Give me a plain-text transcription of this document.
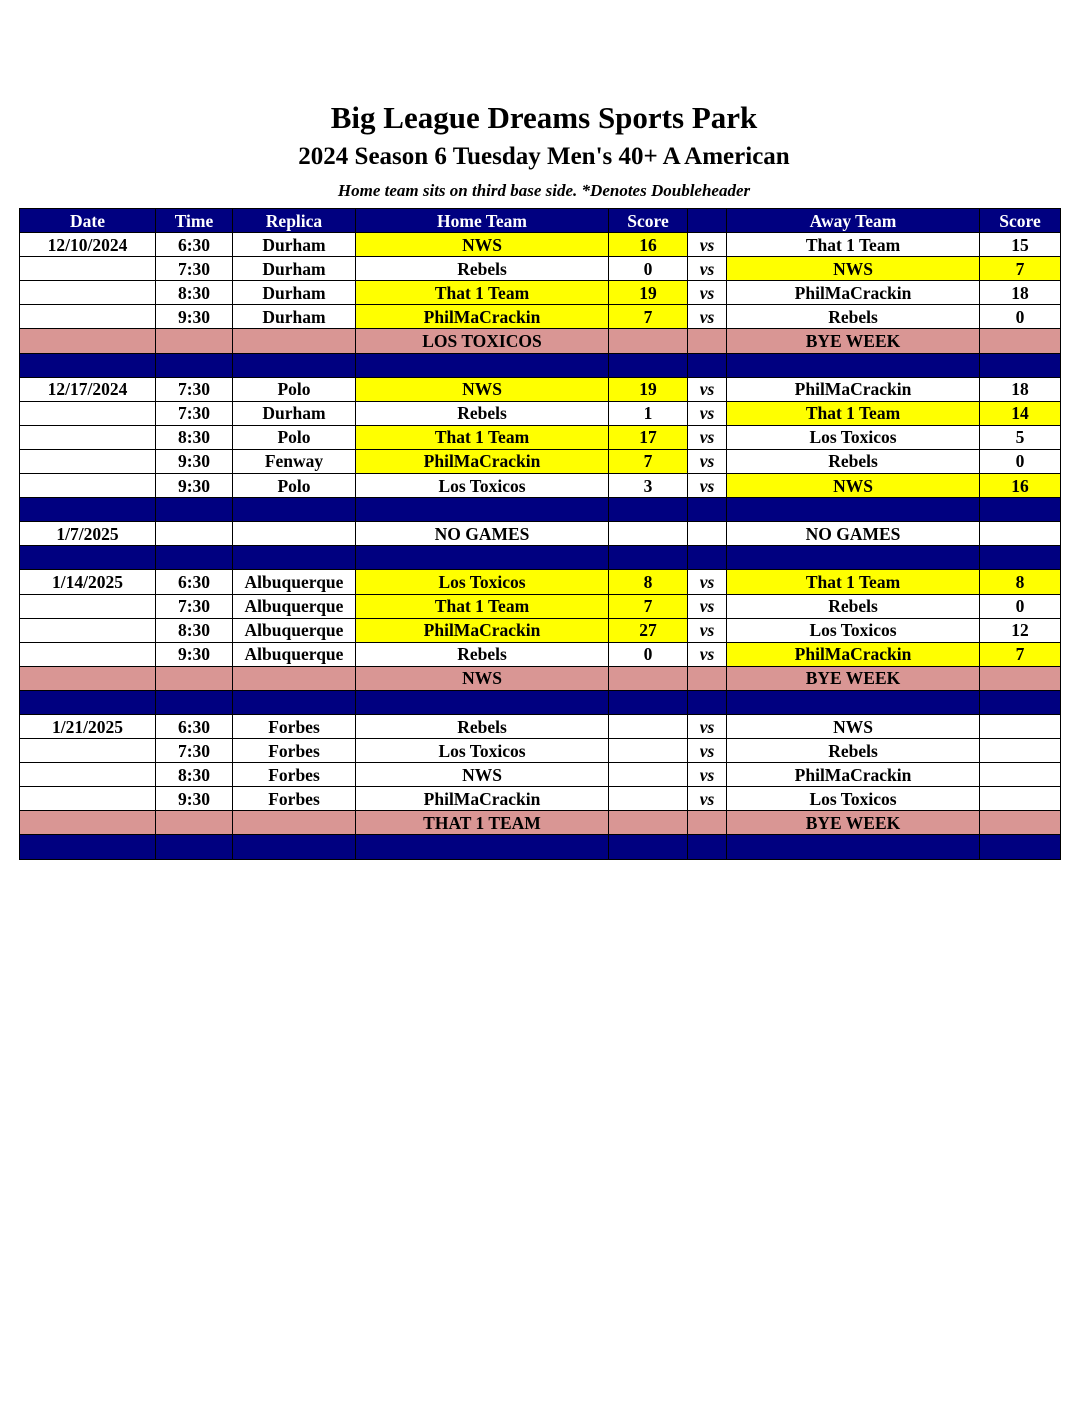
Big League Dreams Sports Park
2024 Season 6 Tuesday Men's 40+ A American
Home team sits on third base side. *Denotes Doubleheader
Date	Time	Replica	Home Team	Score		Away Team	Score
12/10/2024	6:30	Durham	NWS	16	vs	That 1 Team	15
	7:30	Durham	Rebels	0	vs	NWS	7
	8:30	Durham	That 1 Team	19	vs	PhilMaCrackin	18
	9:30	Durham	PhilMaCrackin	7	vs	Rebels	0
			LOS TOXICOS			BYE WEEK	

12/17/2024	7:30	Polo	NWS	19	vs	PhilMaCrackin	18
	7:30	Durham	Rebels	1	vs	That 1 Team	14
	8:30	Polo	That 1 Team	17	vs	Los Toxicos	5
	9:30	Fenway	PhilMaCrackin	7	vs	Rebels	0
	9:30	Polo	Los Toxicos	3	vs	NWS	16

1/7/2025			NO GAMES			NO GAMES	

1/14/2025	6:30	Albuquerque	Los Toxicos	8	vs	That 1 Team	8
	7:30	Albuquerque	That 1 Team	7	vs	Rebels	0
	8:30	Albuquerque	PhilMaCrackin	27	vs	Los Toxicos	12
	9:30	Albuquerque	Rebels	0	vs	PhilMaCrackin	7
			NWS			BYE WEEK	

1/21/2025	6:30	Forbes	Rebels		vs	NWS	
	7:30	Forbes	Los Toxicos		vs	Rebels	
	8:30	Forbes	NWS		vs	PhilMaCrackin	
	9:30	Forbes	PhilMaCrackin		vs	Los Toxicos	
			THAT 1 TEAM			BYE WEEK	
